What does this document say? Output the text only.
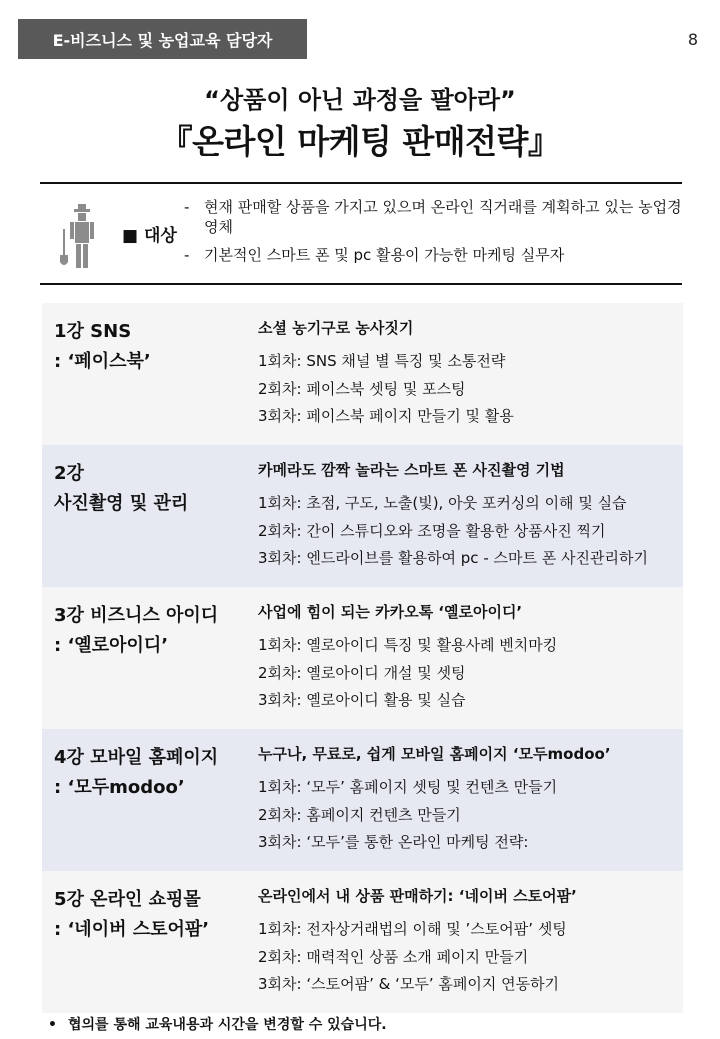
E-비즈니스 및 농업교육 담당자	8
“상품이 아닌 과정을 팔아라”
『온라인 마케팅 판매전략』
■ 대상
- 현재 판매할 상품을 가지고 있으며 온라인 직거래를 계획하고 있는 농업경영체
- 기본적인 스마트 폰 및 pc 활용이 가능한 마케팅 실무자
1강 SNS
: ‘페이스북’
소셜 농기구로 농사짓기
1회차: SNS 채널 별 특징 및 소통전략
2회차: 페이스북 셋팅 및 포스팅
3회차: 페이스북 페이지 만들기 및 활용
2강
사진촬영 및 관리
카메라도 깜짝 놀라는 스마트 폰 사진촬영 기법
1회차: 초점, 구도, 노출(빛), 아웃 포커싱의 이해 및 실습
2회차: 간이 스튜디오와 조명을 활용한 상품사진 찍기
3회차: 엔드라이브를 활용하여 pc - 스마트 폰 사진관리하기
3강 비즈니스 아이디
: ‘옐로아이디’
사업에 힘이 되는 카카오톡 ‘옐로아이디’
1회차: 옐로아이디 특징 및 활용사례 벤치마킹
2회차: 옐로아이디 개설 및 셋팅
3회차: 옐로아이디 활용 및 실습
4강 모바일 홈페이지
: ‘모두modoo’
누구나, 무료로, 쉽게 모바일 홈페이지 ‘모두modoo’
1회차: ‘모두’ 홈페이지 셋팅 및 컨텐츠 만들기
2회차: 홈페이지 컨텐츠 만들기
3회차: ‘모두’를 통한 온라인 마케팅 전략:
5강 온라인 쇼핑몰
: ‘네이버 스토어팜’
온라인에서 내 상품 판매하기: ‘네이버 스토어팜’
1회차: 전자상거래법의 이해 및 ’스토어팜’ 셋팅
2회차: 매력적인 상품 소개 페이지 만들기
3회차: ‘스토어팜’ & ‘모두’ 홈페이지 연동하기
• 협의를 통해 교육내용과 시간을 변경할 수 있습니다.
